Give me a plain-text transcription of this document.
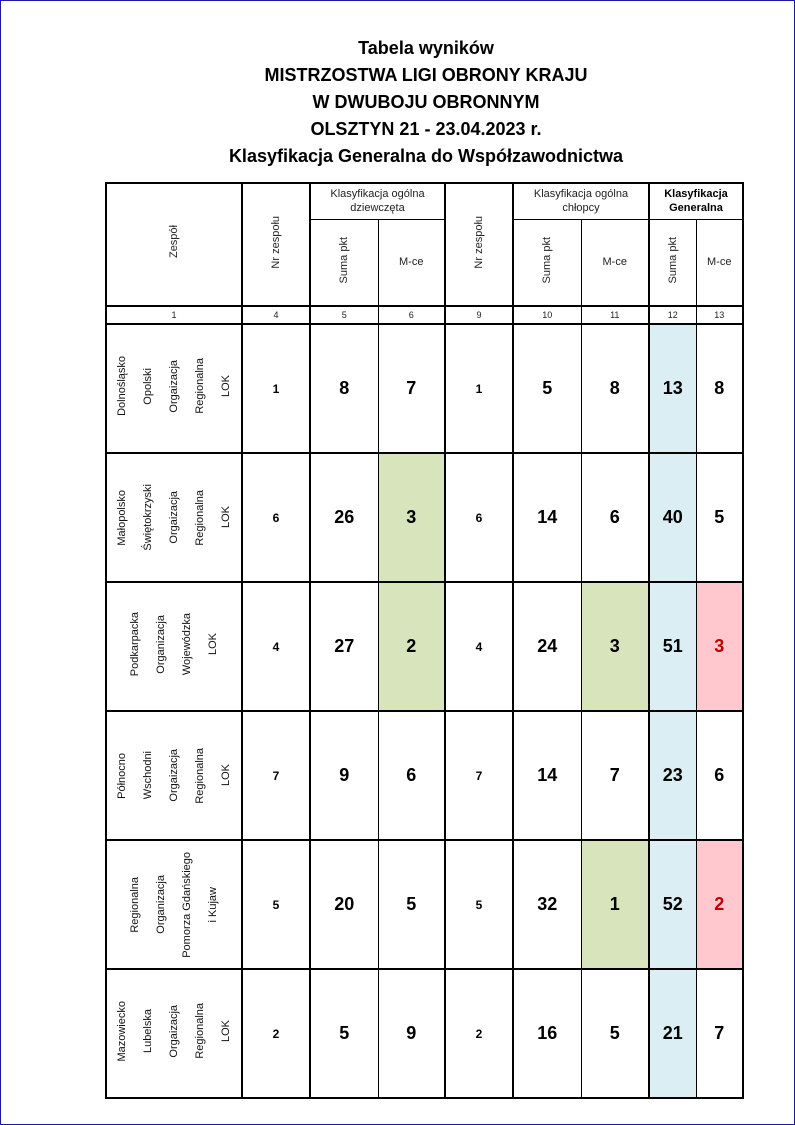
Tabela wyników
MISTRZOSTWA LIGI OBRONY KRAJU
W DWUBOJU OBRONNYM
OLSZTYN 21 - 23.04.2023 r.
Klasyfikacja Generalna do Współzawodnictwa
Zespół	Nr zespołu	Klasyfikacja ogólna dziewczęta		Nr zespołu	Klasyfikacja ogólna chłopcy		Klasyfikacja Generalna	
		Suma pkt	M-ce		Suma pkt	M-ce	Suma pkt	M-ce
1	4	5	6	9	10	11	12	13

Dolnośląsko Opolski Orgaizacja Regionalna LOK	1	8	7	1	5	8	13	8

Małopolsko Świętokrzyski Orgaizacja Regionalna LOK	6	26	3	6	14	6	40	5

Podkarpacka Organizacja Wojewódzka LOK	4	27	2	4	24	3	51	3

Północno Wschodni Orgaizacja Regionalna LOK	7	9	6	7	14	7	23	6

Regionalna Organizacja Pomorza Gdańskiego i Kujaw	5	20	5	5	32	1	52	2

Mazowiecko Lubelska Orgaizacja Regionalna LOK	2	5	9	2	16	5	21	7
